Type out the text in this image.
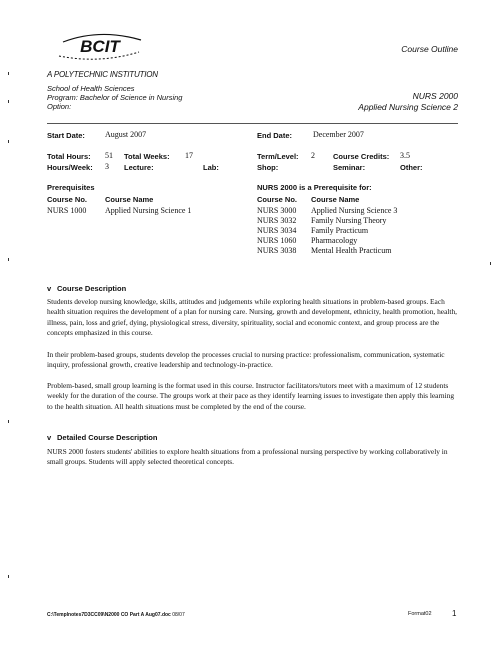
BCIT	Course Outline
A POLYTECHNIC INSTITUTION
School of Health Sciences
Program: Bachelor of Science in Nursing
Option:
NURS 2000
Applied Nursing Science 2
Start Date:	August 2007	End Date:	December 2007
Total Hours: 51 Total Weeks: 17	Term/Level: 2 Course Credits: 3.5
Hours/Week: 3 Lecture:	Lab:	Shop:	Seminar:	Other:
Prerequisites
Course No. Course Name
NURS 1000 Applied Nursing Science 1
NURS 2000 is a Prerequisite for:
Course No. Course Name
NURS 3000 Applied Nursing Science 3
NURS 3032 Family Nursing Theory
NURS 3034 Family Practicum
NURS 1060 Pharmacology
NURS 3038 Mental Health Practicum
v Course Description
Students develop nursing knowledge, skills, attitudes and judgements while exploring health situations in problem-based groups. Each health situation requires the development of a plan for nursing care. Nursing, growth and development, ethnicity, health promotion, health, illness, pain, loss and grief, dying, physiological stress, diversity, spirituality, social and economic context, and group process are the concepts emphasized in this course.
In their problem-based groups, students develop the processes crucial to nursing practice: professionalism, communication, systematic inquiry, professional growth, creative leadership and technology-in-practice.
Problem-based, small group learning is the format used in this course. Instructor facilitators/tutors meet with a maximum of 12 students weekly for the duration of the course. The groups work at their pace as they identify learning issues to investigate then apply this learning to the health situation. All health situations must be completed by the end of the course.
v Detailed Course Description
NURS 2000 fosters students' abilities to explore health situations from a professional nursing perspective by working collaboratively in small groups. Students will apply selected theoretical concepts.
C:\Templnotes7D3CC09\N2000 CO Part A Aug07.doc 08/07	Format02	1
